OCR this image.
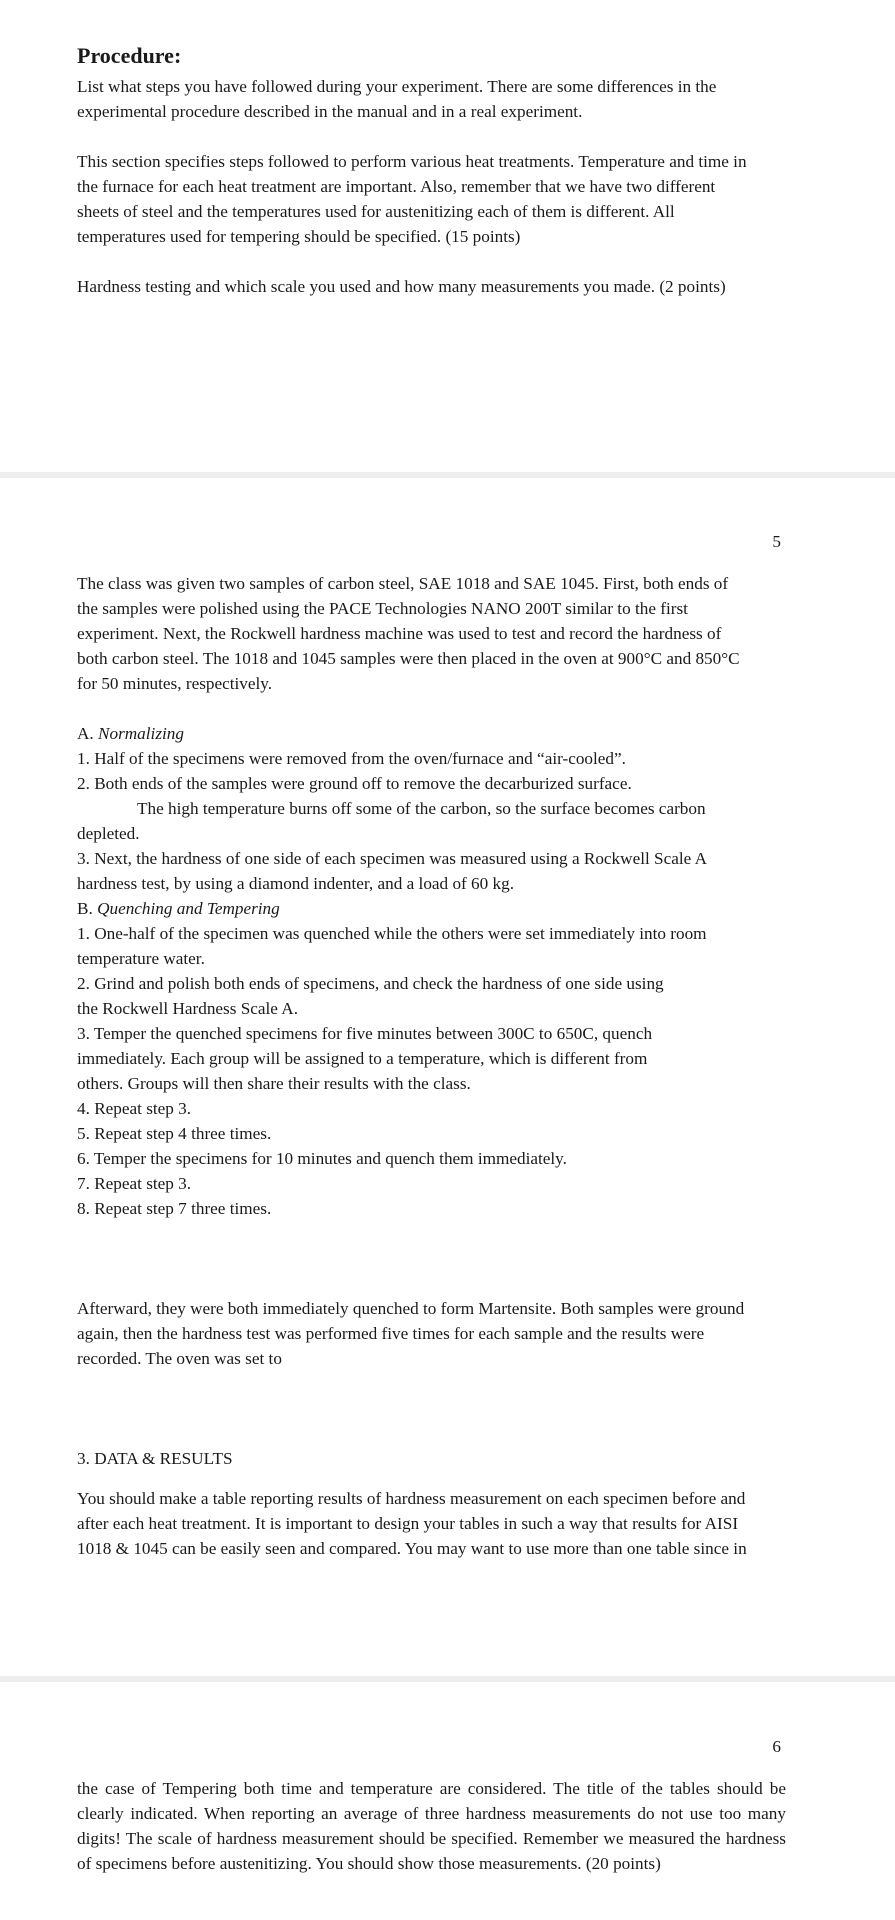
Procedure:

List what steps you have followed during your experiment. There are some differences in the

experimental procedure described in the manual and in a real experiment.

This section specifies steps followed to perform various heat treatments. Temperature and time in

the furnace for each heat treatment are important. Also, remember that we have two different

sheets of steel and the temperatures used for austenitizing each of them is different. All

temperatures used for tempering should be specified. (15 points)

Hardness testing and which scale you used and how many measurements you made. (2 points)

5

The class was given two samples of carbon steel, SAE 1018 and SAE 1045. First, both ends of

the samples were polished using the PACE Technologies NANO 200T similar to the first

experiment. Next, the Rockwell hardness machine was used to test and record the hardness of

both carbon steel. The 1018 and 1045 samples were then placed in the oven at 900°C and 850°C

for 50 minutes, respectively.

A. Normalizing

1. Half of the specimens were removed from the oven/furnace and “air-cooled”.

2. Both ends of the samples were ground off to remove the decarburized surface.

The high temperature burns off some of the carbon, so the surface becomes carbon

depleted.

3. Next, the hardness of one side of each specimen was measured using a Rockwell Scale A

hardness test, by using a diamond indenter, and a load of 60 kg.

B. Quenching and Tempering

1. One-half of the specimen was quenched while the others were set immediately into room

temperature water.

2. Grind and polish both ends of specimens, and check the hardness of one side using

the Rockwell Hardness Scale A.

3. Temper the quenched specimens for five minutes between 300C to 650C, quench

immediately. Each group will be assigned to a temperature, which is different from

others. Groups will then share their results with the class.

4. Repeat step 3.

5. Repeat step 4 three times.

6. Temper the specimens for 10 minutes and quench them immediately.

7. Repeat step 3.

8. Repeat step 7 three times.

Afterward, they were both immediately quenched to form Martensite. Both samples were ground

again, then the hardness test was performed five times for each sample and the results were

recorded. The oven was set to

3. DATA & RESULTS

You should make a table reporting results of hardness measurement on each specimen before and

after each heat treatment. It is important to design your tables in such a way that results for AISI

1018 & 1045 can be easily seen and compared. You may want to use more than one table since in

6

the case of Tempering both time and temperature are considered. The title of the tables should be clearly indicated. When reporting an average of three hardness measurements do not use too many digits! The scale of hardness measurement should be specified. Remember we measured the hardness of specimens before austenitizing. You should show those measurements. (20 points)
